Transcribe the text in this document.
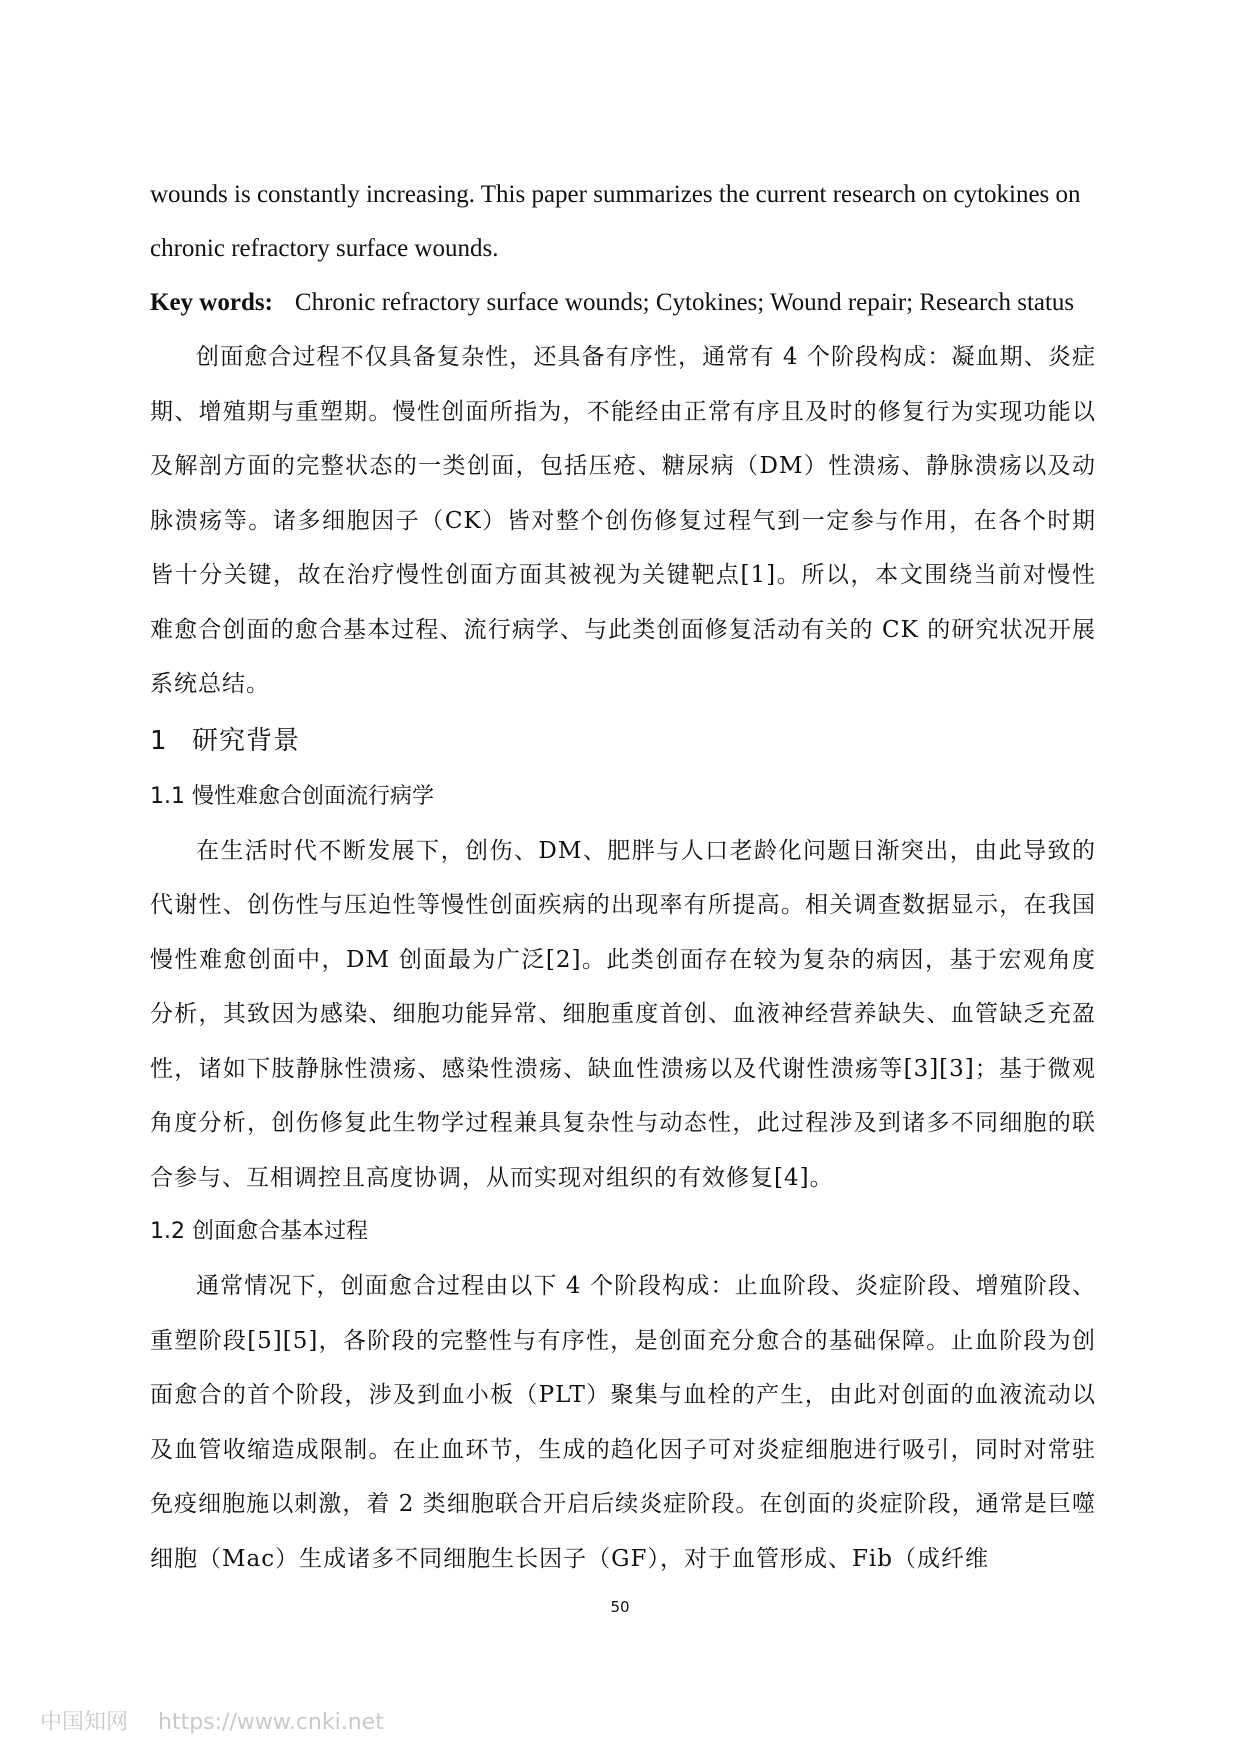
wounds is constantly increasing. This paper summarizes the current research on cytokines on

chronic refractory surface wounds.

Key words: Chronic refractory surface wounds; Cytokines; Wound repair; Research status

创面愈合过程不仅具备复杂性，还具备有序性，通常有 4 个阶段构成：凝血期、炎症期、增殖期与重塑期。慢性创面所指为，不能经由正常有序且及时的修复行为实现功能以及解剖方面的完整状态的一类创面，包括压疮、糖尿病（DM）性溃疡、静脉溃疡以及动脉溃疡等。诸多细胞因子（CK）皆对整个创伤修复过程气到一定参与作用，在各个时期皆十分关键，故在治疗慢性创面方面其被视为关键靶点[1]。所以，本文围绕当前对慢性难愈合创面的愈合基本过程、流行病学、与此类创面修复活动有关的 CK 的研究状况开展系统总结。

1 研究背景
1.1 慢性难愈合创面流行病学

在生活时代不断发展下，创伤、DM、肥胖与人口老龄化问题日渐突出，由此导致的代谢性、创伤性与压迫性等慢性创面疾病的出现率有所提高。相关调查数据显示，在我国慢性难愈创面中，DM 创面最为广泛[2]。此类创面存在较为复杂的病因，基于宏观角度分析，其致因为感染、细胞功能异常、细胞重度首创、血液神经营养缺失、血管缺乏充盈性，诸如下肢静脉性溃疡、感染性溃疡、缺血性溃疡以及代谢性溃疡等[3][3]；基于微观角度分析，创伤修复此生物学过程兼具复杂性与动态性，此过程涉及到诸多不同细胞的联合参与、互相调控且高度协调，从而实现对组织的有效修复[4]。

1.2 创面愈合基本过程

通常情况下，创面愈合过程由以下 4 个阶段构成：止血阶段、炎症阶段、增殖阶段、重塑阶段[5][5]，各阶段的完整性与有序性，是创面充分愈合的基础保障。止血阶段为创面愈合的首个阶段，涉及到血小板（PLT）聚集与血栓的产生，由此对创面的血液流动以及血管收缩造成限制。在止血环节，生成的趋化因子可对炎症细胞进行吸引，同时对常驻免疫细胞施以刺激，着 2 类细胞联合开启后续炎症阶段。在创面的炎症阶段，通常是巨噬细胞（Mac）生成诸多不同细胞生长因子（GF），对于血管形成、Fib（成纤维

50
中国知网 https://www.cnki.net
